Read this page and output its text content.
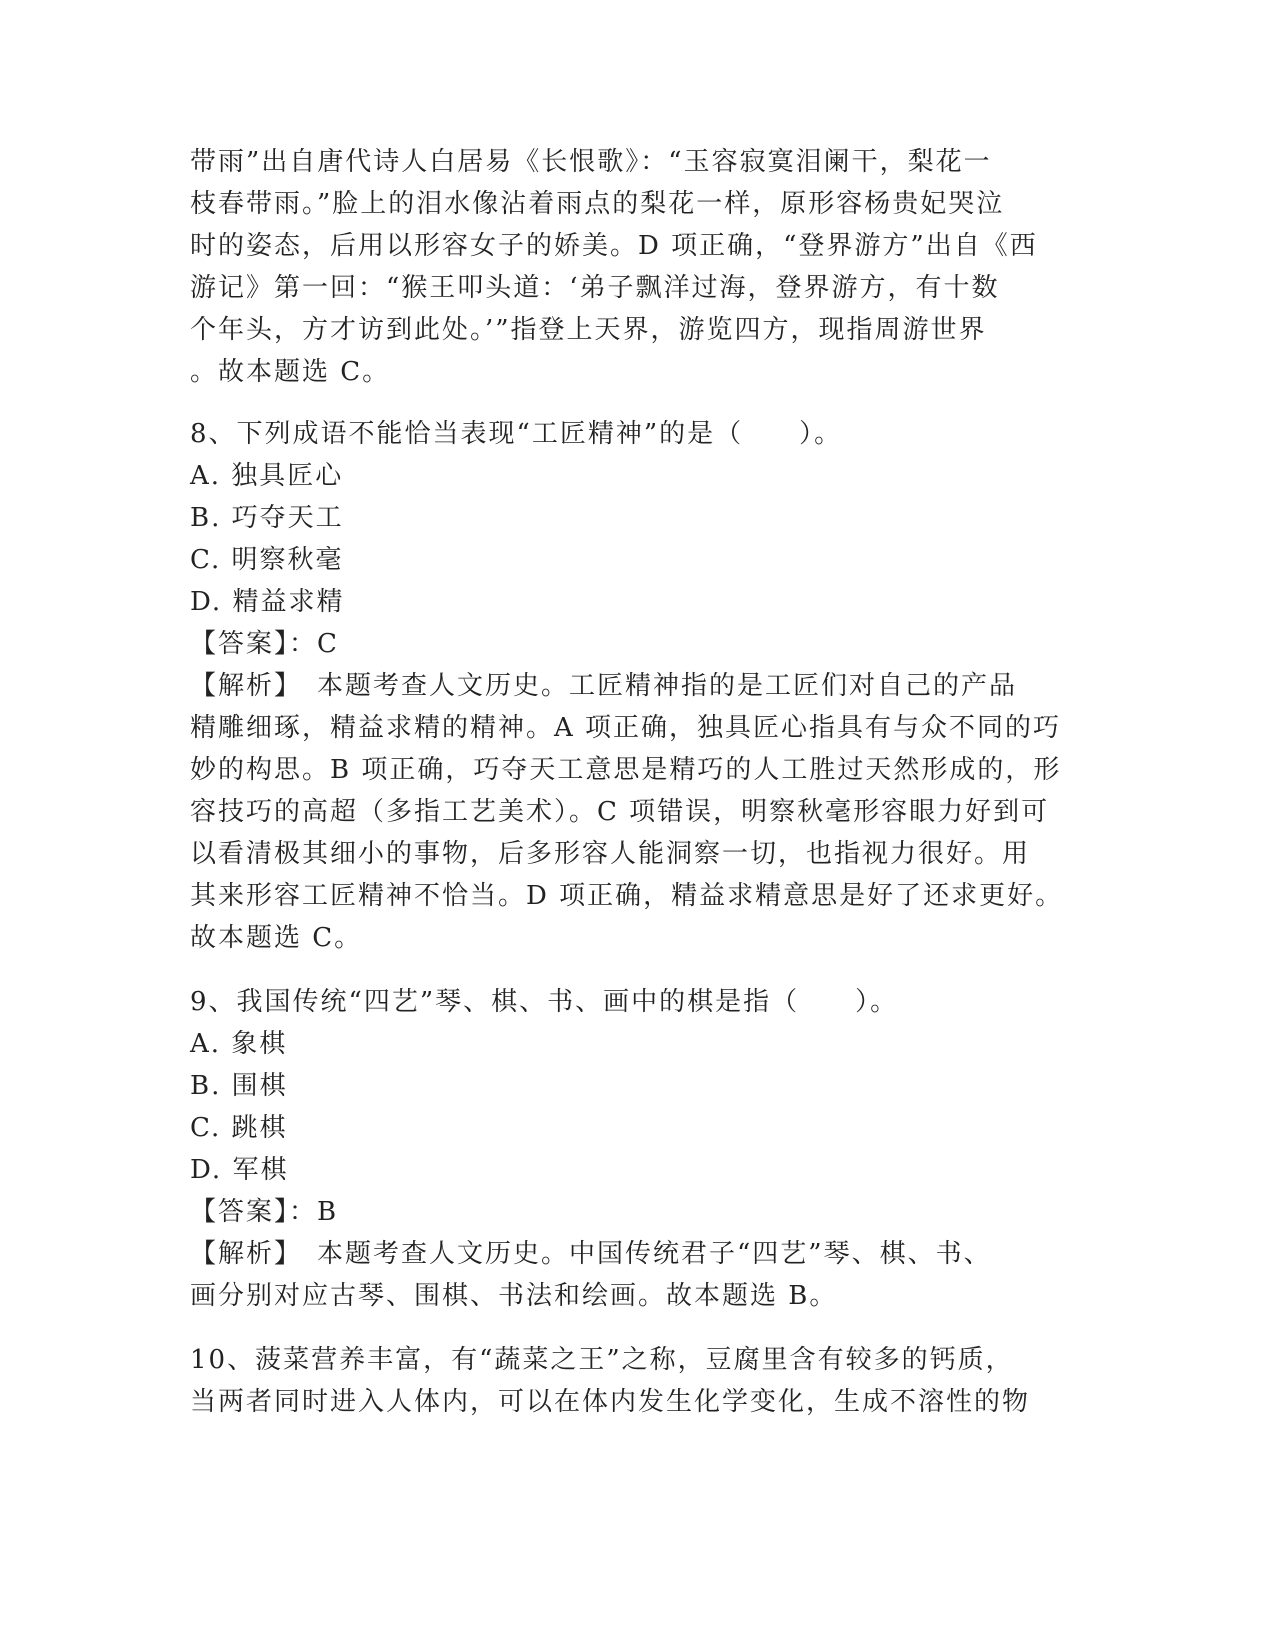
带雨”出自唐代诗人白居易《长恨歌》：“玉容寂寞泪阑干，梨花一
枝春带雨。”脸上的泪水像沾着雨点的梨花一样，原形容杨贵妃哭泣
时的姿态，后用以形容女子的娇美。D 项正确，“登界游方”出自《西
游记》第一回：“猴王叩头道：‘弟子飘洋过海，登界游方，有十数
个年头，方才访到此处。’”指登上天界，游览四方，现指周游世界
。故本题选 C。
8、下列成语不能恰当表现“工匠精神”的是（　　）。
A. 独具匠心
B. 巧夺天工
C. 明察秋毫
D. 精益求精
【答案】：C
【解析】　本题考查人文历史。工匠精神指的是工匠们对自己的产品
精雕细琢，精益求精的精神。A 项正确，独具匠心指具有与众不同的巧
妙的构思。B 项正确，巧夺天工意思是精巧的人工胜过天然形成的，形
容技巧的高超（多指工艺美术）。C 项错误，明察秋毫形容眼力好到可
以看清极其细小的事物，后多形容人能洞察一切，也指视力很好。用
其来形容工匠精神不恰当。D 项正确，精益求精意思是好了还求更好。
故本题选 C。
9、我国传统“四艺”琴、棋、书、画中的棋是指（　　）。
A. 象棋
B. 围棋
C. 跳棋
D. 军棋
【答案】：B
【解析】　本题考查人文历史。中国传统君子“四艺”琴、棋、书、
画分别对应古琴、围棋、书法和绘画。故本题选 B。
10、菠菜营养丰富，有“蔬菜之王”之称，豆腐里含有较多的钙质，
当两者同时进入人体内，可以在体内发生化学变化，生成不溶性的物
